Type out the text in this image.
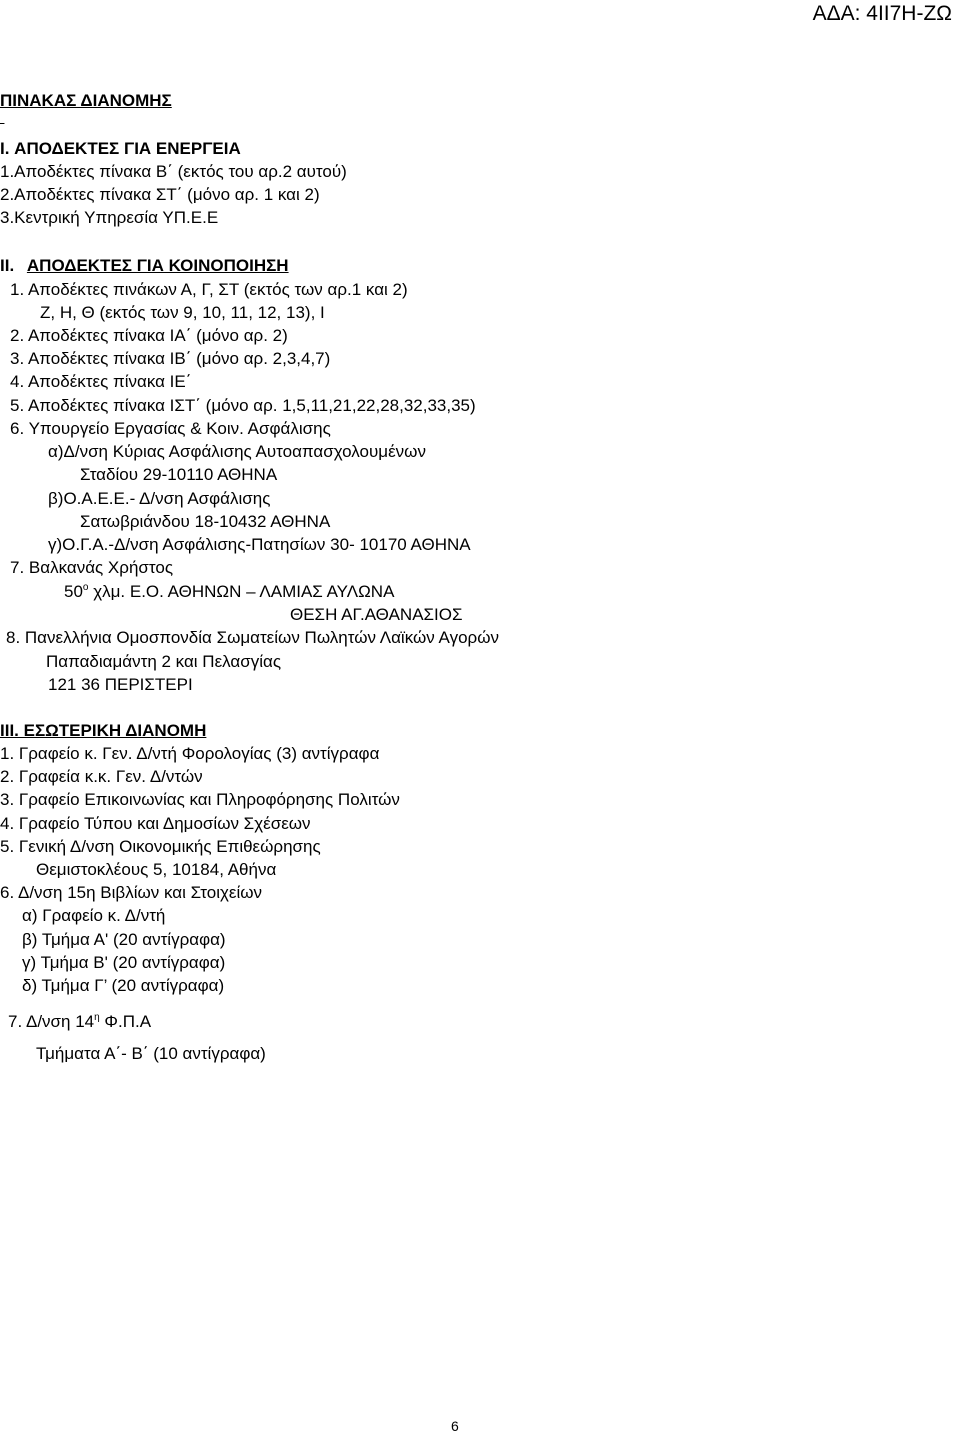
ΑΔΑ: 4ΙΙ7Η-ΖΩ
ΠΙΝΑΚΑΣ ΔΙΑΝΟΜΗΣ

I. ΑΠΟΔΕΚΤΕΣ ΓΙΑ ΕΝΕΡΓΕΙΑ
1.Αποδέκτες πίνακα Β΄ (εκτός του αρ.2 αυτού)
2.Αποδέκτες πίνακα ΣΤ΄ (μόνο αρ. 1 και 2)
3.Κεντρική Υπηρεσία ΥΠ.Ε.Ε
II. ΑΠΟΔΕΚΤΕΣ ΓΙΑ ΚΟΙΝΟΠΟΙΗΣΗ
1. Αποδέκτες πινάκων Α, Γ, ΣΤ (εκτός των αρ.1 και 2)
Ζ, Η, Θ (εκτός των 9, 10, 11, 12, 13), Ι
2. Αποδέκτες πίνακα ΙΑ΄ (μόνο αρ. 2)
3. Αποδέκτες πίνακα ΙΒ΄ (μόνο αρ. 2,3,4,7)
4. Αποδέκτες πίνακα ΙΕ΄
5. Αποδέκτες πίνακα ΙΣΤ΄ (μόνο αρ. 1,5,11,21,22,28,32,33,35)
6. Υπουργείο Εργασίας & Κοιν. Ασφάλισης
α)Δ/νση Κύριας Ασφάλισης Αυτοαπασχολουμένων
Σταδίου 29-10110 ΑΘΗΝΑ
β)Ο.Α.Ε.Ε.- Δ/νση Ασφάλισης
Σατωβριάνδου 18-10432 ΑΘΗΝΑ
γ)Ο.Γ.Α.-Δ/νση Ασφάλισης-Πατησίων 30- 10170 ΑΘΗΝΑ
7. Βαλκανάς Χρήστος
$50^o$ χλμ. Ε.Ο. ΑΘΗΝΩΝ – ΛΑΜΙΑΣ ΑΥΛΩΝΑ
ΘΕΣΗ ΑΓ.ΑΘΑΝΑΣΙΟΣ
8. Πανελλήνια Ομοσπονδία Σωματείων Πωλητών Λαϊκών Αγορών
Παπαδιαμάντη 2 και Πελασγίας
121 36 ΠΕΡΙΣΤΕΡΙ
ΙΙΙ. ΕΣΩΤΕΡΙΚΗ ΔΙΑΝΟΜΗ
1. Γραφείο κ. Γεν. Δ/ντή Φορολογίας (3) αντίγραφα
2. Γραφεία κ.κ. Γεν. Δ/ντών
3. Γραφείο Επικοινωνίας και Πληροφόρησης Πολιτών
4. Γραφείο Τύπου και Δημοσίων Σχέσεων
5. Γενική Δ/νση Οικονομικής Επιθεώρησης
Θεμιστοκλέους 5, 10184, Αθήνα
6. Δ/νση 15η Βιβλίων και Στοιχείων
α) Γραφείο κ. Δ/ντή
β) Τμήμα Α' (20 αντίγραφα)
γ) Τμήμα Β' (20 αντίγραφα)
δ) Τμήμα Γ’ (20 αντίγραφα)
7. Δ/νση $14^\eta$ Φ.Π.Α
Τμήματα Α΄- Β΄ (10 αντίγραφα)
6
